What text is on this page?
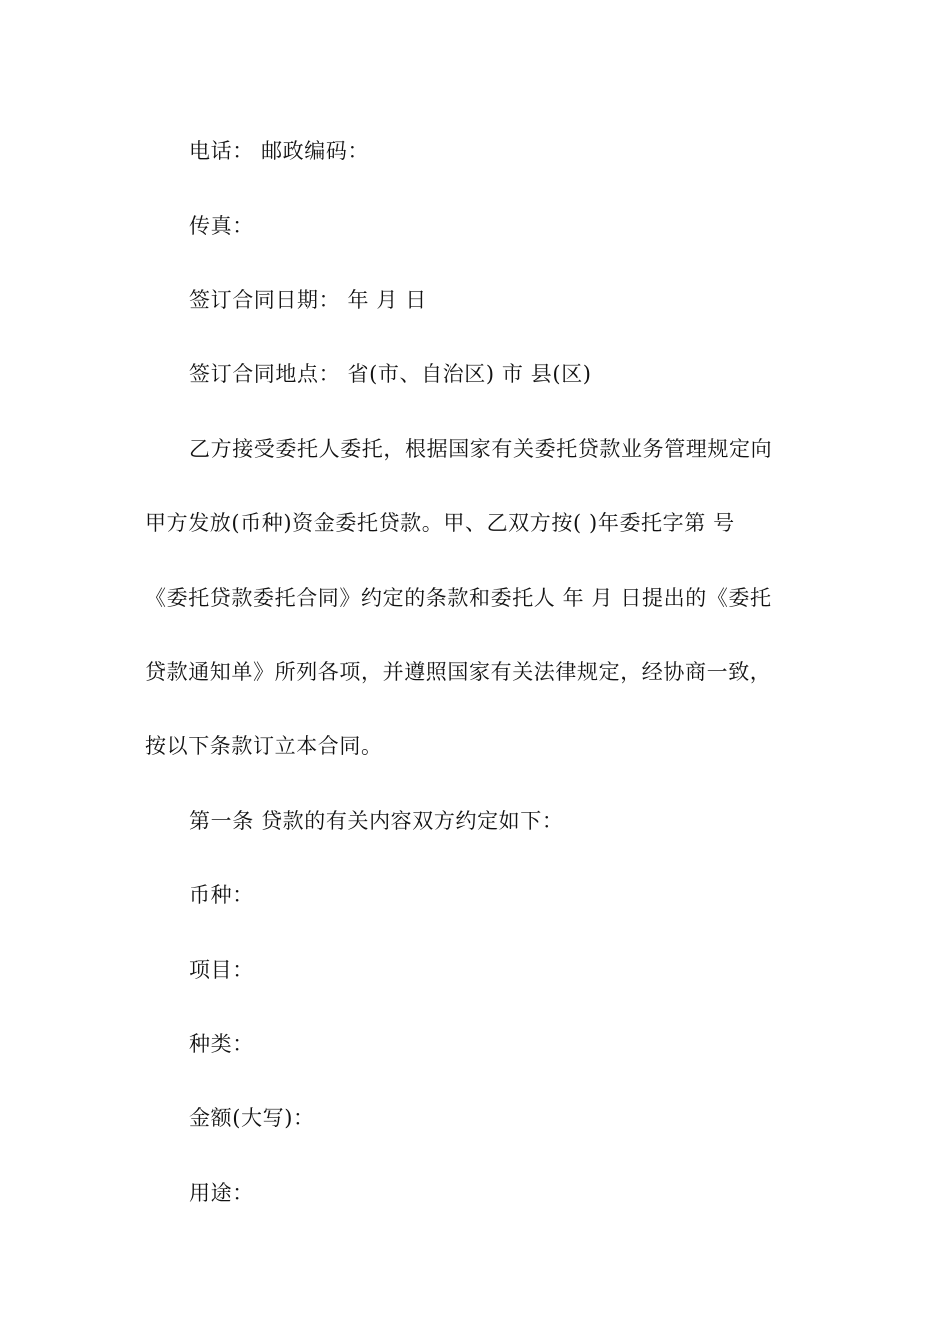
电话： 邮政编码：
传真：
签订合同日期： 年 月 日
签订合同地点： 省(市、自治区) 市 县(区)
乙方接受委托人委托，根据国家有关委托贷款业务管理规定向
甲方发放(币种)资金委托贷款。甲、乙双方按( )年委托字第 号
《委托贷款委托合同》约定的条款和委托人 年 月 日提出的《委托
贷款通知单》所列各项，并遵照国家有关法律规定，经协商一致，
按以下条款订立本合同。
第一条 贷款的有关内容双方约定如下：
币种：
项目：
种类：
金额(大写)：
用途：
